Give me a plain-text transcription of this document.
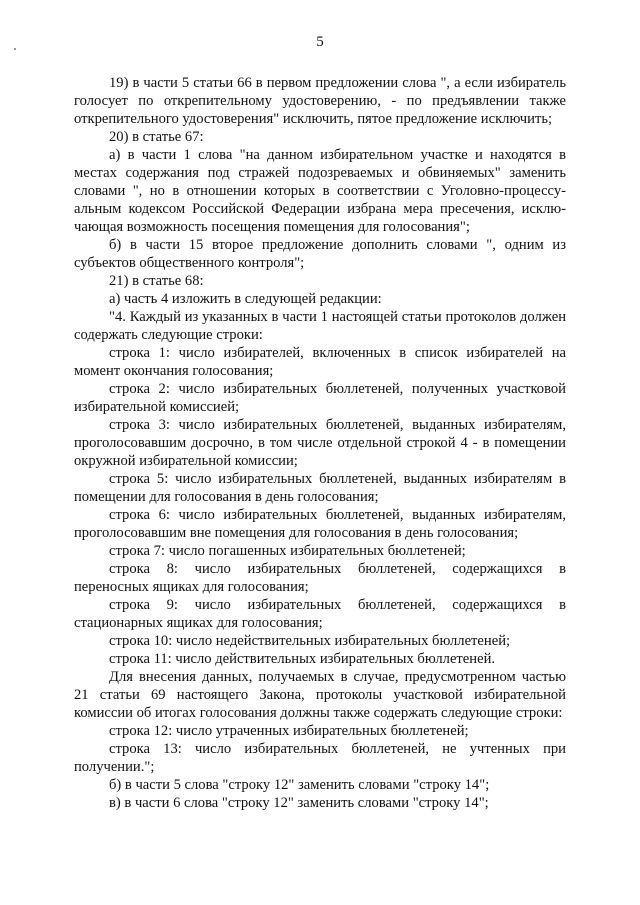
5

19) в части 5 статьи 66 в первом предложении слова ", а если избиратель голосует по открепительному удостоверению, - по предъявлении также открепительного удостоверения" исключить, пятое предложение исключить;

20) в статье 67:

а) в части 1 слова "на данном избирательном участке и находятся в местах содержания под стражей подозреваемых и обвиняемых" заменить словами ", но в отношении которых в соответствии с Уголовно-процессу-альным кодексом Российской Федерации избрана мера пресечения, исклю-чающая возможность посещения помещения для голосования";

б) в части 15 второе предложение дополнить словами ", одним из субъектов общественного контроля";

21) в статье 68:

а) часть 4 изложить в следующей редакции:

"4. Каждый из указанных в части 1 настоящей статьи протоколов должен содержать следующие строки:

строка 1: число избирателей, включенных в список избирателей на момент окончания голосования;

строка 2: число избирательных бюллетеней, полученных участковой избирательной комиссией;

строка 3: число избирательных бюллетеней, выданных избирателям, проголосовавшим досрочно, в том числе отдельной строкой 4 - в помещении окружной избирательной комиссии;

строка 5: число избирательных бюллетеней, выданных избирателям в помещении для голосования в день голосования;

строка 6: число избирательных бюллетеней, выданных избирателям, проголосовавшим вне помещения для голосования в день голосования;

строка 7: число погашенных избирательных бюллетеней;

строка 8: число избирательных бюллетеней, содержащихся в переносных ящиках для голосования;

строка 9: число избирательных бюллетеней, содержащихся в стационарных ящиках для голосования;

строка 10: число недействительных избирательных бюллетеней;

строка 11: число действительных избирательных бюллетеней.

Для внесения данных, получаемых в случае, предусмотренном частью 21 статьи 69 настоящего Закона, протоколы участковой избирательной комиссии об итогах голосования должны также содержать следующие строки:

строка 12: число утраченных избирательных бюллетеней;

строка 13: число избирательных бюллетеней, не учтенных при получении.";

б) в части 5 слова "строку 12" заменить словами "строку 14";

в) в части 6 слова "строку 12" заменить словами "строку 14";
